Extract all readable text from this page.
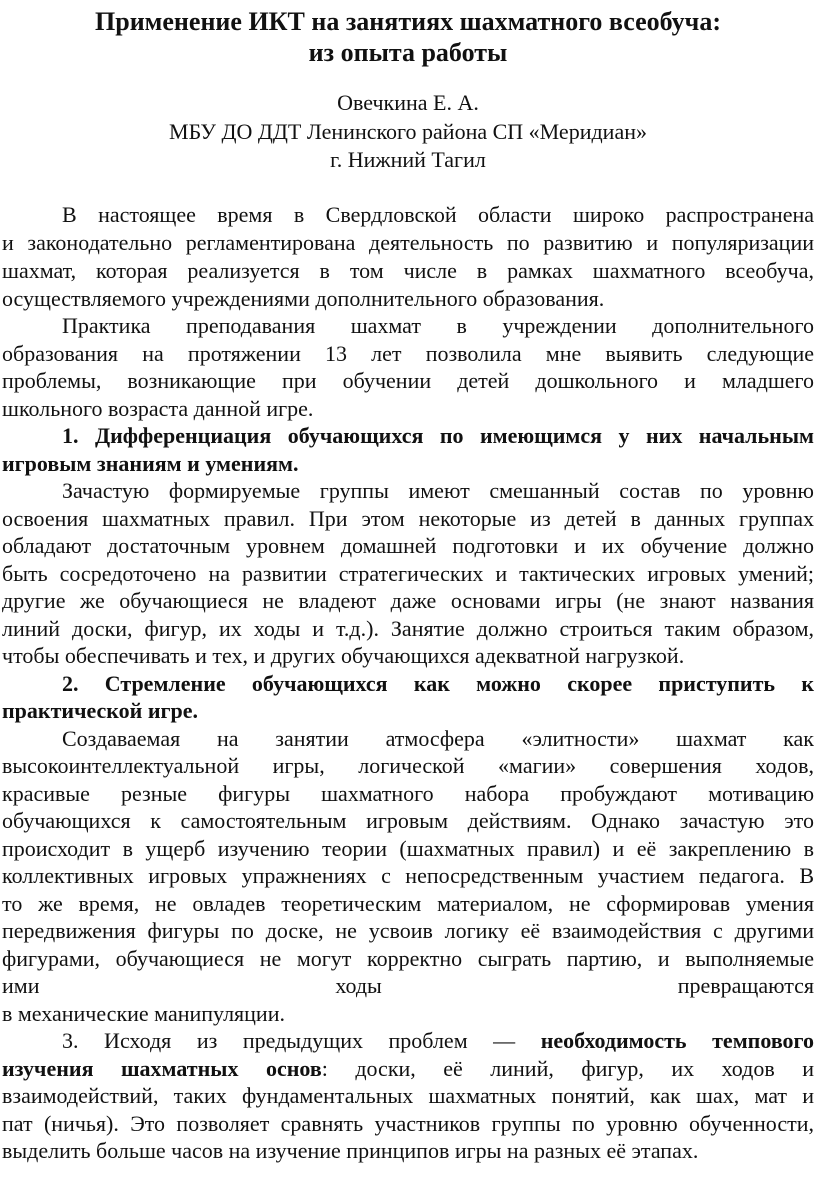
Применение ИКТ на занятиях шахматного всеобуча:
из опыта работы

Овечкина Е. А.

МБУ ДО ДДТ Ленинского района СП «Меридиан»

г. Нижний Тагил

В настоящее время в Свердловской области широко распространена

и законодательно регламентирована деятельность по развитию и популяризации

шахмат, которая реализуется в том числе в рамках шахматного всеобуча,

осуществляемого учреждениями дополнительного образования.

Практика преподавания шахмат в учреждении дополнительного

образования на протяжении 13 лет позволила мне выявить следующие

проблемы, возникающие при обучении детей дошкольного и младшего

школьного возраста данной игре.

1. Дифференциация обучающихся по имеющимся у них начальным

игровым знаниям и умениям.

Зачастую формируемые группы имеют смешанный состав по уровню

освоения шахматных правил. При этом некоторые из детей в данных группах

обладают достаточным уровнем домашней подготовки и их обучение должно

быть сосредоточено на развитии стратегических и тактических игровых умений;

другие же обучающиеся не владеют даже основами игры (не знают названия

линий доски, фигур, их ходы и т.д.). Занятие должно строиться таким образом,

чтобы обеспечивать и тех, и других обучающихся адекватной нагрузкой.

2. Стремление обучающихся как можно скорее приступить к

практической игре.

Создаваемая на занятии атмосфера «элитности» шахмат как

высокоинтеллектуальной игры, логической «магии» совершения ходов,

красивые резные фигуры шахматного набора пробуждают мотивацию

обучающихся к самостоятельным игровым действиям. Однако зачастую это

происходит в ущерб изучению теории (шахматных правил) и её закреплению в

коллективных игровых упражнениях с непосредственным участием педагога. В

то же время, не овладев теоретическим материалом, не сформировав умения

передвижения фигуры по доске, не усвоив логику её взаимодействия с другими

фигурами, обучающиеся не могут корректно сыграть партию, и выполняемые

ими ходы превращаются

в механические манипуляции.

3. Исходя из предыдущих проблем — необходимость темпового

изучения шахматных основ: доски, её линий, фигур, их ходов и

взаимодействий, таких фундаментальных шахматных понятий, как шах, мат и

пат (ничья). Это позволяет сравнять участников группы по уровню обученности,

выделить больше часов на изучение принципов игры на разных её этапах.
